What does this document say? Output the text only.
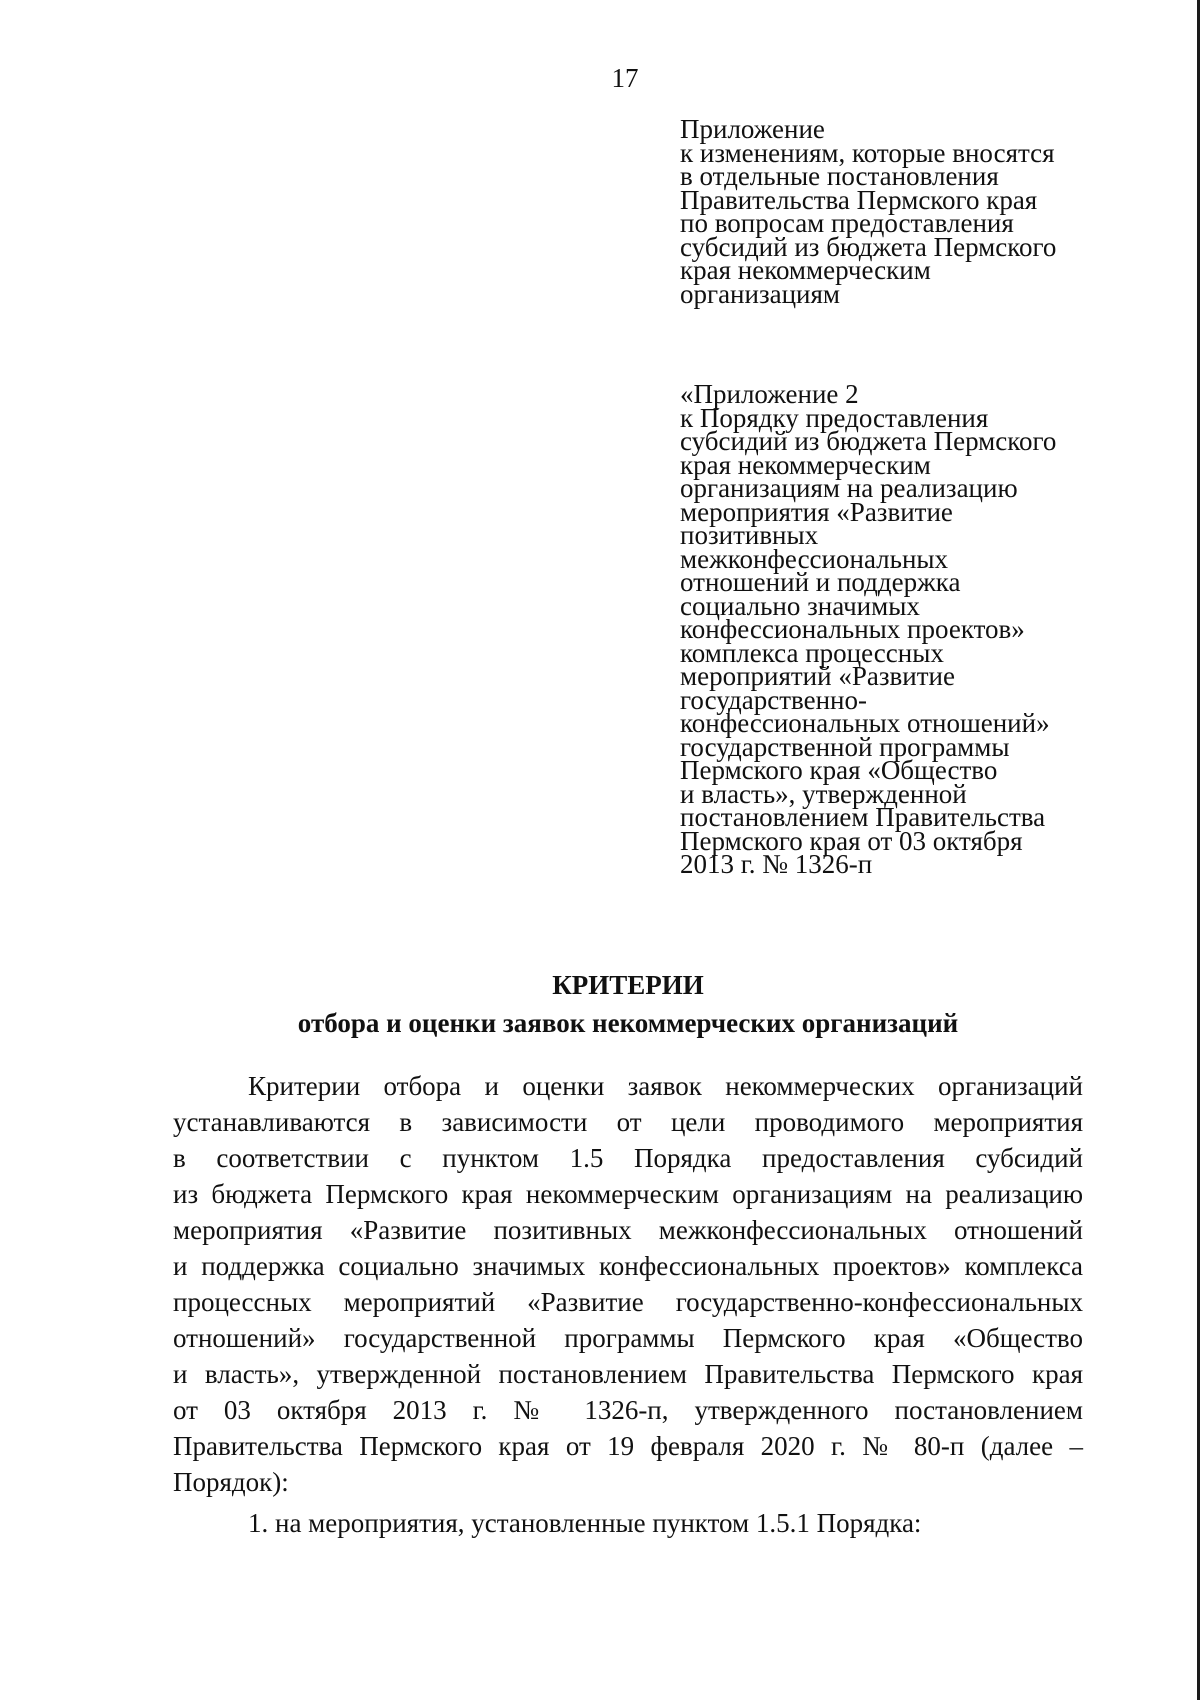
17
Приложение
к изменениям, которые вносятся
в отдельные постановления
Правительства Пермского края
по вопросам предоставления
субсидий из бюджета Пермского
края некоммерческим
организациям
«Приложение 2
к Порядку предоставления
субсидий из бюджета Пермского
края некоммерческим
организациям на реализацию
мероприятия «Развитие
позитивных
межконфессиональных
отношений и поддержка
социально значимых
конфессиональных проектов»
комплекса процессных
мероприятий «Развитие
государственно-
конфессиональных отношений»
государственной программы
Пермского края «Общество
и власть», утвержденной
постановлением Правительства
Пермского края от 03 октября
2013 г. № 1326-п
КРИТЕРИИ
отбора и оценки заявок некоммерческих организаций
Критерии отбора и оценки заявок некоммерческих организаций
устанавливаются в зависимости от цели проводимого мероприятия
в соответствии с пунктом 1.5 Порядка предоставления субсидий
из бюджета Пермского края некоммерческим организациям на реализацию
мероприятия «Развитие позитивных межконфессиональных отношений
и поддержка социально значимых конфессиональных проектов» комплекса
процессных мероприятий «Развитие государственно-конфессиональных
отношений» государственной программы Пермского края «Общество
и власть», утвержденной постановлением Правительства Пермского края
от 03 октября 2013 г. № 1326-п, утвержденного постановлением
Правительства Пермского края от 19 февраля 2020 г. № 80-п (далее –
Порядок):
1. на мероприятия, установленные пунктом 1.5.1 Порядка:
